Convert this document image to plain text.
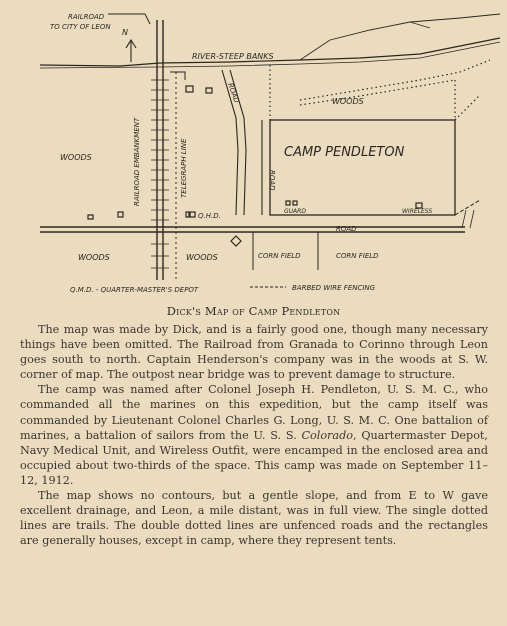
RAILROAD
TO CITY OF LEON
N
RIVER-STEEP BANKS
ROAD	WOODS
RAILROAD EMBANKMENT	TELEGRAPH LINE
WOODS	CAMP PENDLETON
ROAD
Q.H.D.
GUARD	WIRELESS
ROAD
WOODS	WOODS	CORN FIELD	CORN FIELD
Q.M.D. - QUARTER-MASTER'S DEPOT	BARBED WIRE FENCING
Dick's Map of Camp Pendleton

The map was made by Dick, and is a fairly good one, though many necessary things have been omitted. The Railroad from Granada to Corinno through Leon goes south to north. Captain Henderson's company was in the woods at S. W. corner of map. The outpost near bridge was to prevent damage to structure.

The camp was named after Colonel Joseph H. Pendleton, U. S. M. C., who commanded all the marines on this expedition, but the camp itself was commanded by Lieutenant Colonel Charles G. Long, U. S. M. C. One battalion of marines, a battalion of sailors from the U. S. S. Colorado, Quartermaster Depot, Navy Medical Unit, and Wireless Outfit, were encamped in the enclosed area and occupied about two-thirds of the space. This camp was made on September 11–12, 1912.

The map shows no contours, but a gentle slope, and from E to W gave excellent drainage, and Leon, a mile distant, was in full view. The single dotted lines are trails. The double dotted lines are unfenced roads and the rectangles are generally houses, except in camp, where they represent tents.
